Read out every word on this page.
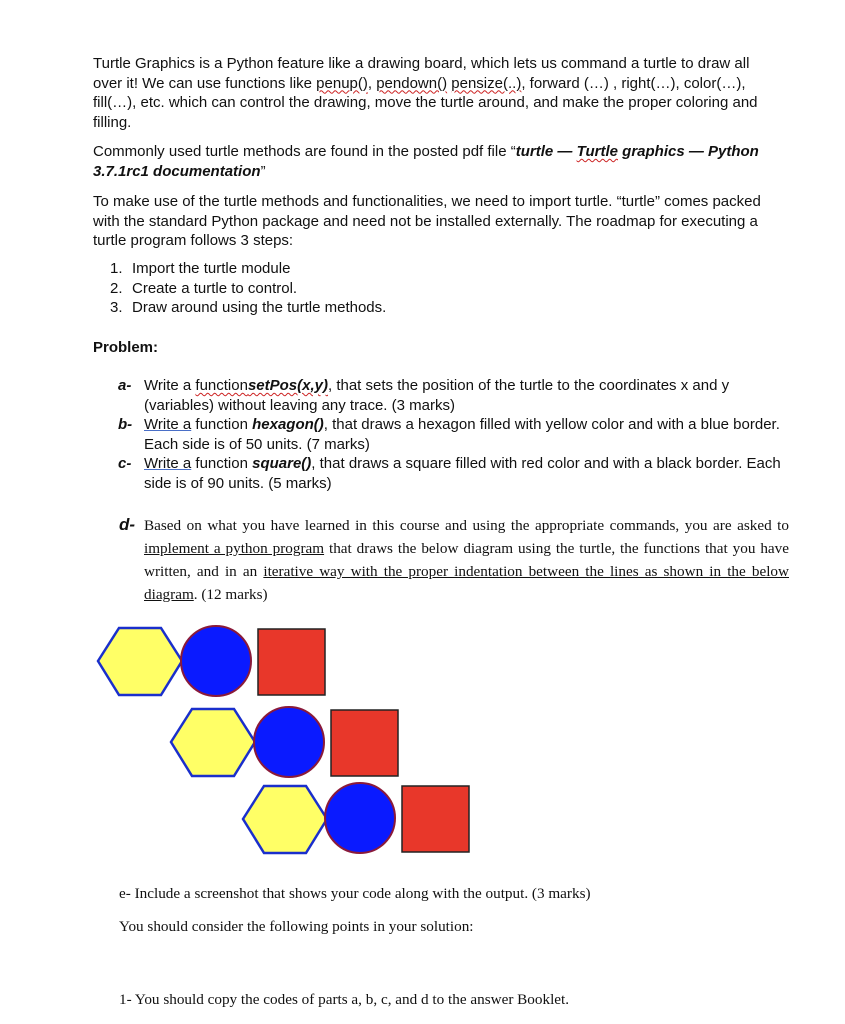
Turtle Graphics is a Python feature like a drawing board, which lets us command a turtle to draw all over it! We can use functions like penup(), pendown() pensize(..), forward (…) , right(…), color(…), fill(…), etc. which can control the drawing, move the turtle around, and make the proper coloring and filling.
Commonly used turtle methods are found in the posted pdf file “turtle — Turtle graphics — Python 3.7.1rc1 documentation”
To make use of the turtle methods and functionalities, we need to import turtle. “turtle” comes packed with the standard Python package and need not be installed externally. The roadmap for executing a turtle program follows 3 steps:
1. Import the turtle module
2. Create a turtle to control.
3. Draw around using the turtle methods.
Problem:
a- Write a functionsetPos(x,y), that sets the position of the turtle to the coordinates x and y (variables) without leaving any trace. (3 marks)
b- Write a function hexagon(), that draws a hexagon filled with yellow color and with a blue border. Each side is of 50 units. (7 marks)
c- Write a function square(), that draws a square filled with red color and with a black border. Each side is of 90 units. (5 marks)
d- Based on what you have learned in this course and using the appropriate commands, you are asked to implement a python program that draws the below diagram using the turtle, the functions that you have written, and in an iterative way with the proper indentation between the lines as shown in the below diagram. (12 marks)
e- Include a screenshot that shows your code along with the output. (3 marks)
You should consider the following points in your solution:
1- You should copy the codes of parts a, b, c, and d to the answer Booklet.
